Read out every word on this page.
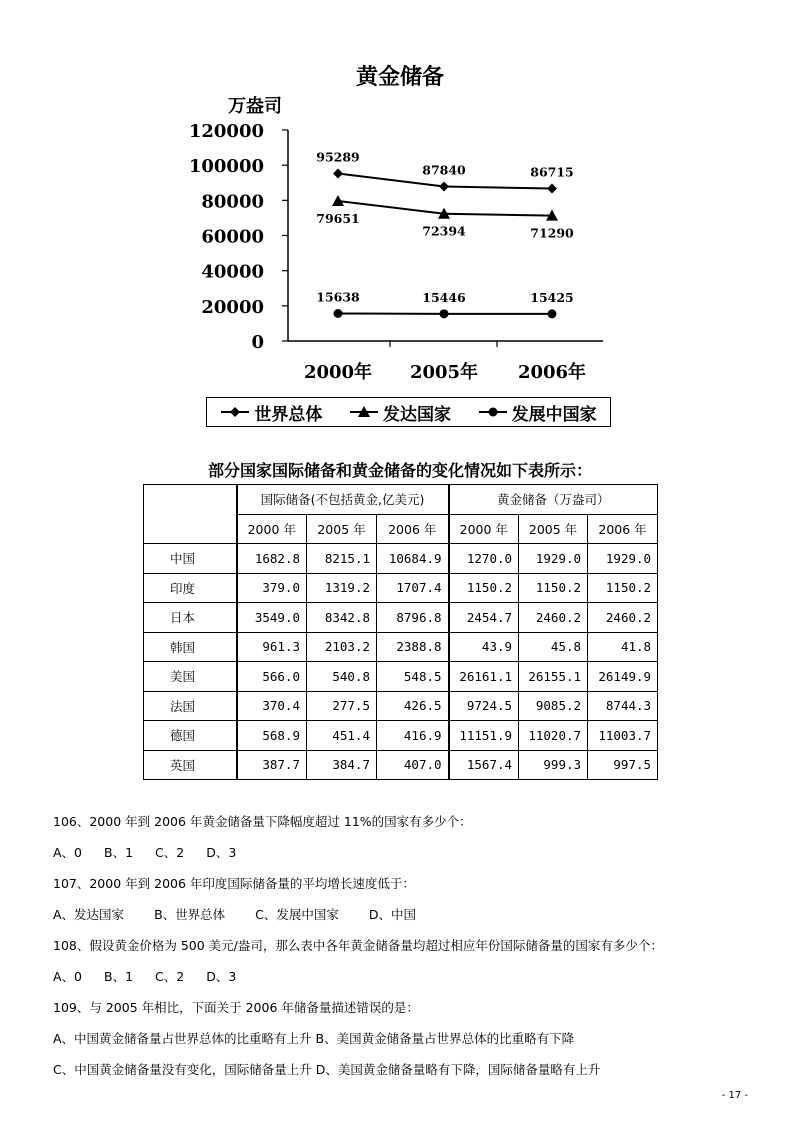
黄金储备
万盎司
0
20000
40000
60000
80000
100000
120000
2000年 2005年 2006年
95289
87840	86715
79651
72394	71290
15638	15446	15425
世界总体	发达国家	发展中国家
部分国家国际储备和黄金储备的变化情况如下表所示：
	国际储备(不包括黄金,亿美元)			黄金储备（万盎司）		
	2000 年	2005 年	2006 年	2000 年	2005 年	2006 年
中国	1682.8	8215.1	10684.9	1270.0	1929.0	1929.0
印度	379.0	1319.2	1707.4	1150.2	1150.2	1150.2
日本	3549.0	8342.8	8796.8	2454.7	2460.2	2460.2
韩国	961.3	2103.2	2388.8	43.9	45.8	41.8
美国	566.0	540.8	548.5	26161.1	26155.1	26149.9
法国	370.4	277.5	426.5	9724.5	9085.2	8744.3
德国	568.9	451.4	416.9	11151.9	11020.7	11003.7
英国	387.7	384.7	407.0	1567.4	999.3	997.5
106、2000 年到 2006 年黄金储备量下降幅度超过 11%的国家有多少个：
A、0 B、1 C、2 D、3
107、2000 年到 2006 年印度国际储备量的平均增长速度低于：
A、发达国家 B、世界总体 C、发展中国家 D、中国
108、假设黄金价格为 500 美元/盎司，那么表中各年黄金储备量均超过相应年份国际储备量的国家有多少个：
A、0 B、1 C、2 D、3
109、与 2005 年相比，下面关于 2006 年储备量描述错误的是：
A、中国黄金储备量占世界总体的比重略有上升 B、美国黄金储备量占世界总体的比重略有下降
C、中国黄金储备量没有变化，国际储备量上升 D、美国黄金储备量略有下降，国际储备量略有上升
- 17 -
